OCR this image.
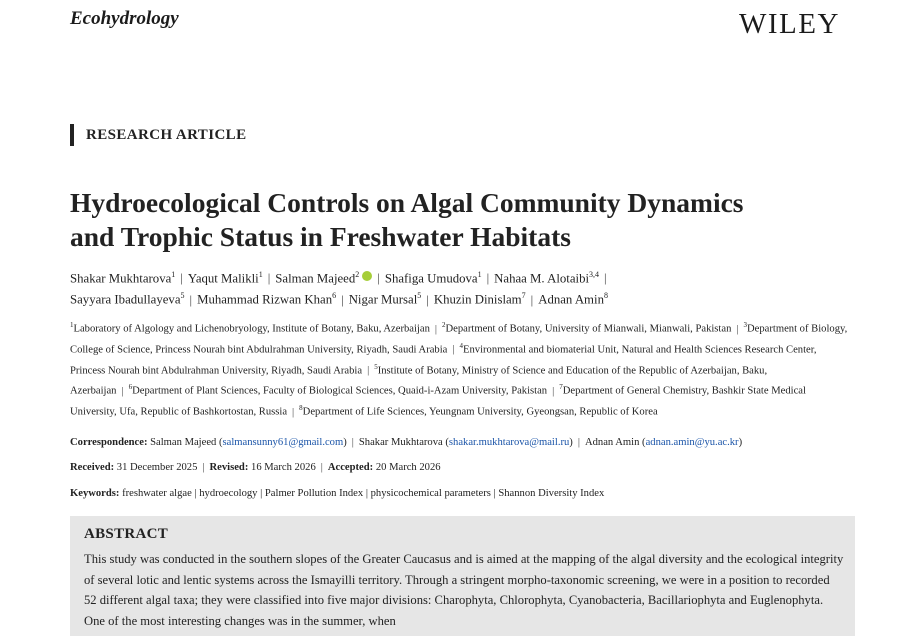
Ecohydrology	WILEY
RESEARCH ARTICLE
Hydroecological Controls on Algal Community Dynamics
and Trophic Status in Freshwater Habitats
Shakar Mukhtarova$^1$ | Yaqut Malikli$^1$ | Salman Majeed$^2$ | Shafiga Umudova$^1$ | Nahaa M. Alotaibi$^{3,4}$ |
Sayyara Ibadullayeva$^5$ | Muhammad Rizwan Khan$^6$ | Nigar Mursal$^5$ | Khuzin Dinislam$^7$ | Adnan Amin$^8$
$^1$Laboratory of Algology and Lichenobryology, Institute of Botany, Baku, Azerbaijan | $^2$Department of Botany, University of Mianwali, Mianwali, Pakistan | $^3$Department of Biology, College of Science, Princess Nourah bint Abdulrahman University, Riyadh, Saudi Arabia | $^4$Environmental and biomaterial Unit, Natural and Health Sciences Research Center, Princess Nourah bint Abdulrahman University, Riyadh, Saudi Arabia | $^5$Institute of Botany, Ministry of Science and Education of the Republic of Azerbaijan, Baku, Azerbaijan | $^6$Department of Plant Sciences, Faculty of Biological Sciences, Quaid-i-Azam University, Pakistan | $^7$Department of General Chemistry, Bashkir State Medical University, Ufa, Republic of Bashkortostan, Russia | $^8$Department of Life Sciences, Yeungnam University, Gyeongsan, Republic of Korea
Correspondence: Salman Majeed (salmansunny61@gmail.com) | Shakar Mukhtarova (shakar.mukhtarova@mail.ru) | Adnan Amin (adnan.amin@yu.ac.kr)
Received: 31 December 2025 | Revised: 16 March 2026 | Accepted: 20 March 2026
Keywords: freshwater algae | hydroecology | Palmer Pollution Index | physicochemical parameters | Shannon Diversity Index
ABSTRACT
This study was conducted in the southern slopes of the Greater Caucasus and is aimed at the mapping of the algal diversity and the ecological integrity of several lotic and lentic systems across the Ismayilli territory. Through a stringent morpho-taxonomic screening, we were in a position to recorded 52 different algal taxa; they were classified into five major divisions: Charophyta, Chlorophyta, Cyanobacteria, Bacillariophyta and Euglenophyta. One of the most interesting changes was in the summer, when
